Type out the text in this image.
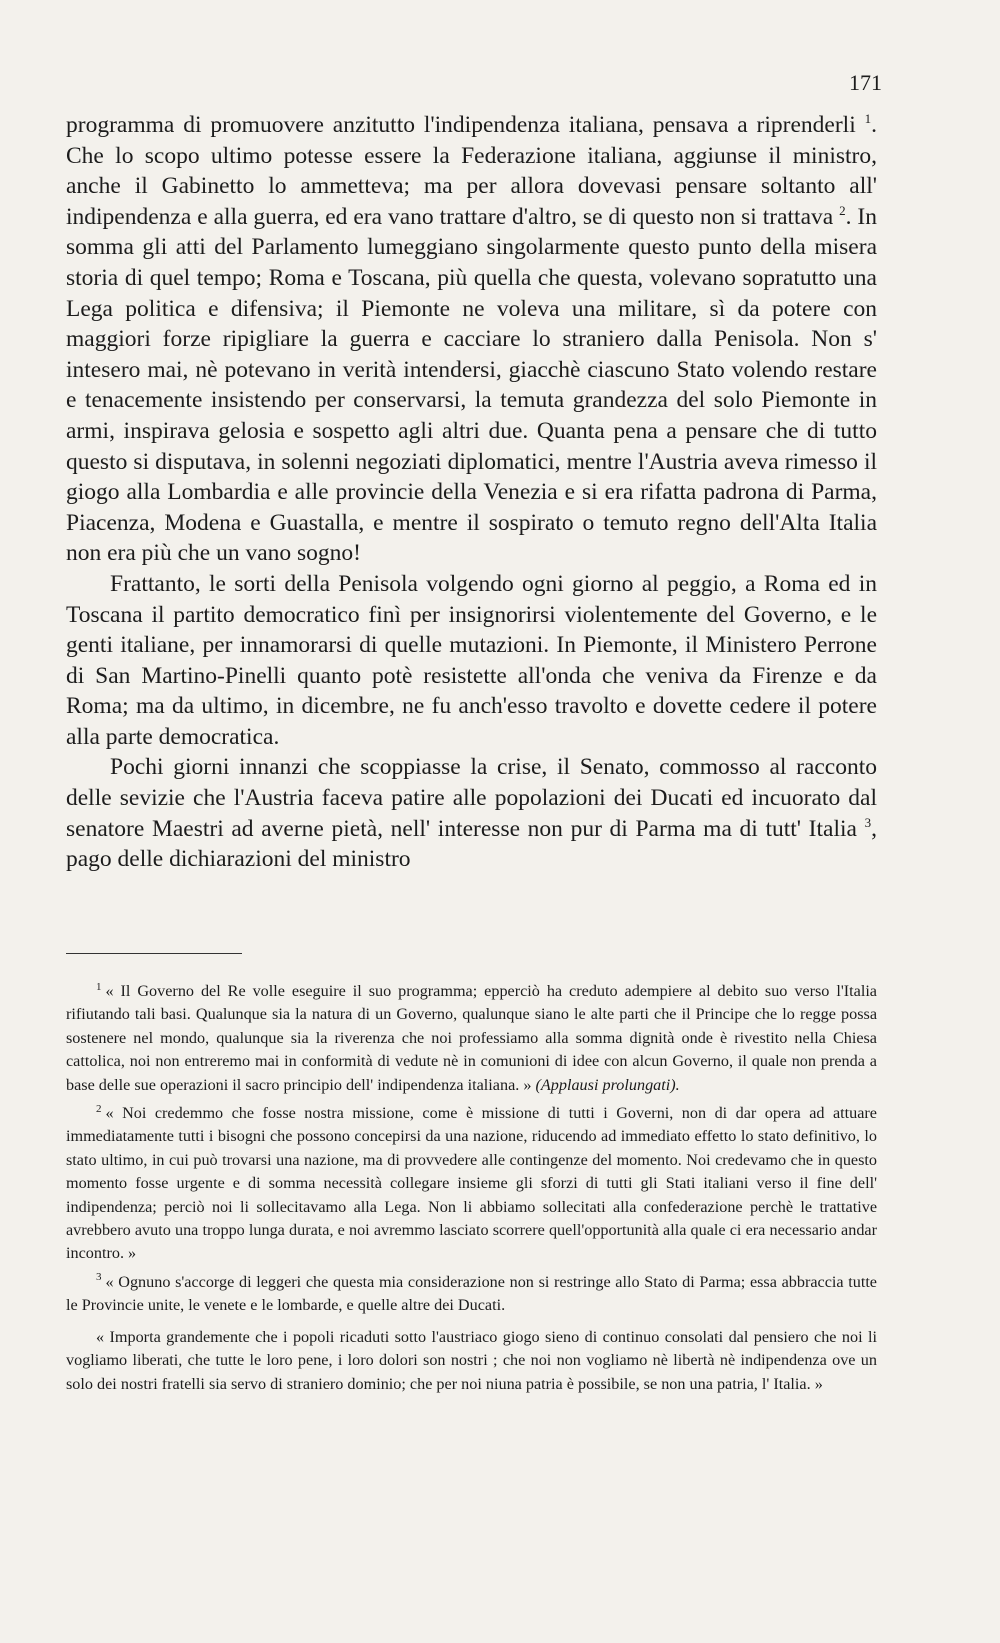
171

programma di promuovere anzitutto l'indipendenza italiana, pensava a riprenderli $^1$. Che lo scopo ultimo potesse essere la Federazione italiana, aggiunse il ministro, anche il Gabinetto lo ammetteva; ma per allora dovevasi pensare soltanto all' indipendenza e alla guerra, ed era vano trattare d'altro, se di questo non si trattava $^2$. In somma gli atti del Parlamento lumeggiano singolarmente questo punto della misera storia di quel tempo; Roma e Toscana, più quella che questa, volevano sopratutto una Lega politica e difensiva; il Piemonte ne voleva una militare, sì da potere con maggiori forze ripigliare la guerra e cacciare lo straniero dalla Penisola. Non s' intesero mai, nè potevano in verità intendersi, giacchè ciascuno Stato volendo restare e tenacemente insistendo per conservarsi, la temuta grandezza del solo Piemonte in armi, inspirava gelosia e sospetto agli altri due. Quanta pena a pensare che di tutto questo si disputava, in solenni negoziati diplomatici, mentre l'Austria aveva rimesso il giogo alla Lombardia e alle provincie della Venezia e si era rifatta padrona di Parma, Piacenza, Modena e Guastalla, e mentre il sospirato o temuto regno dell'Alta Italia non era più che un vano sogno!

Frattanto, le sorti della Penisola volgendo ogni giorno al peggio, a Roma ed in Toscana il partito democratico finì per insignorirsi violentemente del Governo, e le genti italiane, per innamorarsi di quelle mutazioni. In Piemonte, il Ministero Perrone di San Martino-Pinelli quanto potè resistette all'onda che veniva da Firenze e da Roma; ma da ultimo, in dicembre, ne fu anch'esso travolto e dovette cedere il potere alla parte democratica.

Pochi giorni innanzi che scoppiasse la crise, il Senato, commosso al racconto delle sevizie che l'Austria faceva patire alle popolazioni dei Ducati ed incuorato dal senatore Maestri ad averne pietà, nell' interesse non pur di Parma ma di tutt' Italia $^3$, pago delle dichiarazioni del ministro

$^1$ « Il Governo del Re volle eseguire il suo programma; epperciò ha creduto adempiere al debito suo verso l'Italia rifiutando tali basi. Qualunque sia la natura di un Governo, qualunque siano le alte parti che il Principe che lo regge possa sostenere nel mondo, qualunque sia la riverenza che noi professiamo alla somma dignità onde è rivestito nella Chiesa cattolica, noi non entreremo mai in conformità di vedute nè in comunioni di idee con alcun Governo, il quale non prenda a base delle sue operazioni il sacro principio dell' indipendenza italiana. » (Applausi prolungati).

$^2$ « Noi credemmo che fosse nostra missione, come è missione di tutti i Governi, non di dar opera ad attuare immediatamente tutti i bisogni che possono concepirsi da una nazione, riducendo ad immediato effetto lo stato definitivo, lo stato ultimo, in cui può trovarsi una nazione, ma di provvedere alle contingenze del momento. Noi credevamo che in questo momento fosse urgente e di somma necessità collegare insieme gli sforzi di tutti gli Stati italiani verso il fine dell' indipendenza; perciò noi li sollecitavamo alla Lega. Non li abbiamo sollecitati alla confederazione perchè le trattative avrebbero avuto una troppo lunga durata, e noi avremmo lasciato scorrere quell'opportunità alla quale ci era necessario andar incontro. »

$^3$ « Ognuno s'accorge di leggeri che questa mia considerazione non si restringe allo Stato di Parma; essa abbraccia tutte le Provincie unite, le venete e le lombarde, e quelle altre dei Ducati.

« Importa grandemente che i popoli ricaduti sotto l'austriaco giogo sieno di continuo consolati dal pensiero che noi li vogliamo liberati, che tutte le loro pene, i loro dolori son nostri ; che noi non vogliamo nè libertà nè indipendenza ove un solo dei nostri fratelli sia servo di straniero dominio; che per noi niuna patria è possibile, se non una patria, l' Italia. »
